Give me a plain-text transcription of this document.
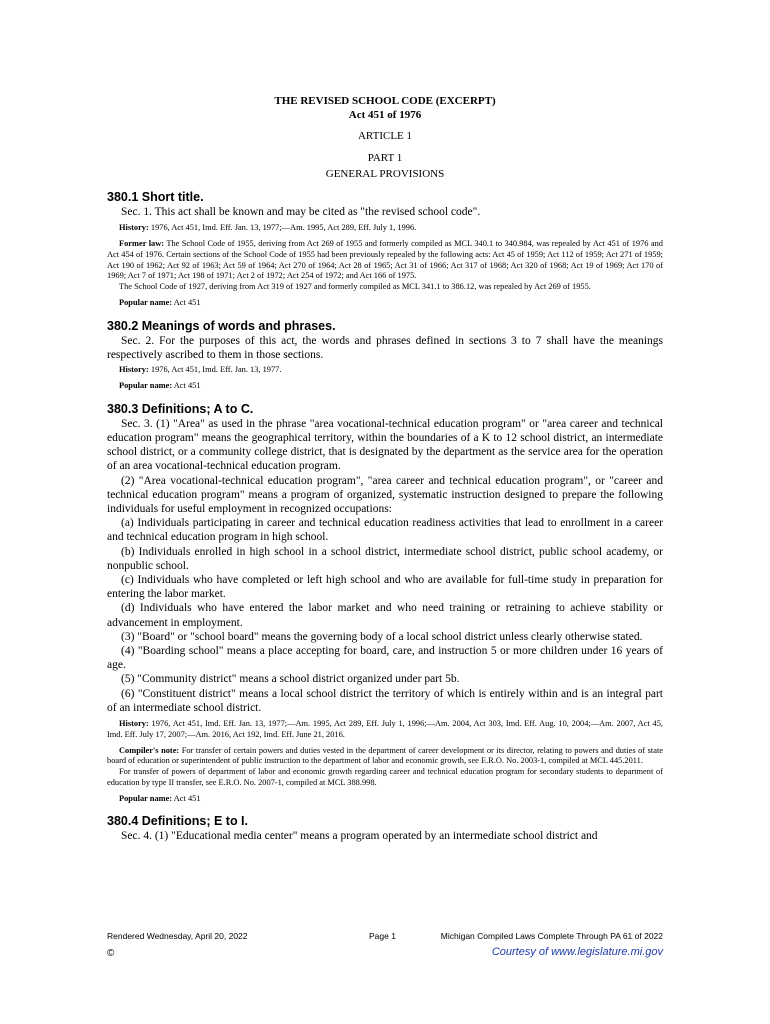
THE REVISED SCHOOL CODE (EXCERPT)
Act 451 of 1976
ARTICLE 1
PART 1
GENERAL PROVISIONS
380.1 Short title.

Sec. 1. This act shall be known and may be cited as "the revised school code".

History: 1976, Act 451, Imd. Eff. Jan. 13, 1977;—Am. 1995, Act 289, Eff. July 1, 1996.

Former law: The School Code of 1955, deriving from Act 269 of 1955 and formerly compiled as MCL 340.1 to 340.984, was repealed by Act 451 of 1976 and Act 454 of 1976. Certain sections of the School Code of 1955 had been previously repealed by the following acts: Act 45 of 1959; Act 112 of 1959; Act 271 of 1959; Act 190 of 1962; Act 92 of 1963; Act 59 of 1964; Act 270 of 1964; Act 28 of 1965; Act 31 of 1966; Act 317 of 1968; Act 320 of 1968; Act 19 of 1969; Act 170 of 1969; Act 7 of 1971; Act 198 of 1971; Act 2 of 1972; Act 254 of 1972; and Act 166 of 1975.

The School Code of 1927, deriving from Act 319 of 1927 and formerly compiled as MCL 341.1 to 386.12, was repealed by Act 269 of 1955.

Popular name: Act 451

380.2 Meanings of words and phrases.

Sec. 2. For the purposes of this act, the words and phrases defined in sections 3 to 7 shall have the meanings respectively ascribed to them in those sections.

History: 1976, Act 451, Imd. Eff. Jan. 13, 1977.

Popular name: Act 451

380.3 Definitions; A to C.

Sec. 3. (1) "Area" as used in the phrase "area vocational-technical education program" or "area career and technical education program" means the geographical territory, within the boundaries of a K to 12 school district, an intermediate school district, or a community college district, that is designated by the department as the service area for the operation of an area vocational-technical education program.

(2) "Area vocational-technical education program", "area career and technical education program", or "career and technical education program" means a program of organized, systematic instruction designed to prepare the following individuals for useful employment in recognized occupations:

(a) Individuals participating in career and technical education readiness activities that lead to enrollment in a career and technical education program in high school.

(b) Individuals enrolled in high school in a school district, intermediate school district, public school academy, or nonpublic school.

(c) Individuals who have completed or left high school and who are available for full-time study in preparation for entering the labor market.

(d) Individuals who have entered the labor market and who need training or retraining to achieve stability or advancement in employment.

(3) "Board" or "school board" means the governing body of a local school district unless clearly otherwise stated.

(4) "Boarding school" means a place accepting for board, care, and instruction 5 or more children under 16 years of age.

(5) "Community district" means a school district organized under part 5b.

(6) "Constituent district" means a local school district the territory of which is entirely within and is an integral part of an intermediate school district.

History: 1976, Act 451, Imd. Eff. Jan. 13, 1977;—Am. 1995, Act 289, Eff. July 1, 1996;—Am. 2004, Act 303, Imd. Eff. Aug. 10, 2004;—Am. 2007, Act 45, Imd. Eff. July 17, 2007;—Am. 2016, Act 192, Imd. Eff. June 21, 2016.

Compiler's note: For transfer of certain powers and duties vested in the department of career development or its director, relating to powers and duties of state board of education or superintendent of public instruction to the department of labor and economic growth, see E.R.O. No. 2003-1, compiled at MCL 445.2011.

For transfer of powers of department of labor and economic growth regarding career and technical education program for secondary students to department of education by type II transfer, see E.R.O. No. 2007-1, compiled at MCL 388.998.

Popular name: Act 451

380.4 Definitions; E to I.

Sec. 4. (1) "Educational media center" means a program operated by an intermediate school district and

Rendered Wednesday, April 20, 2022	Page 1	Michigan Compiled Laws Complete Through PA 61 of 2022
©	Courtesy of www.legislature.mi.gov
